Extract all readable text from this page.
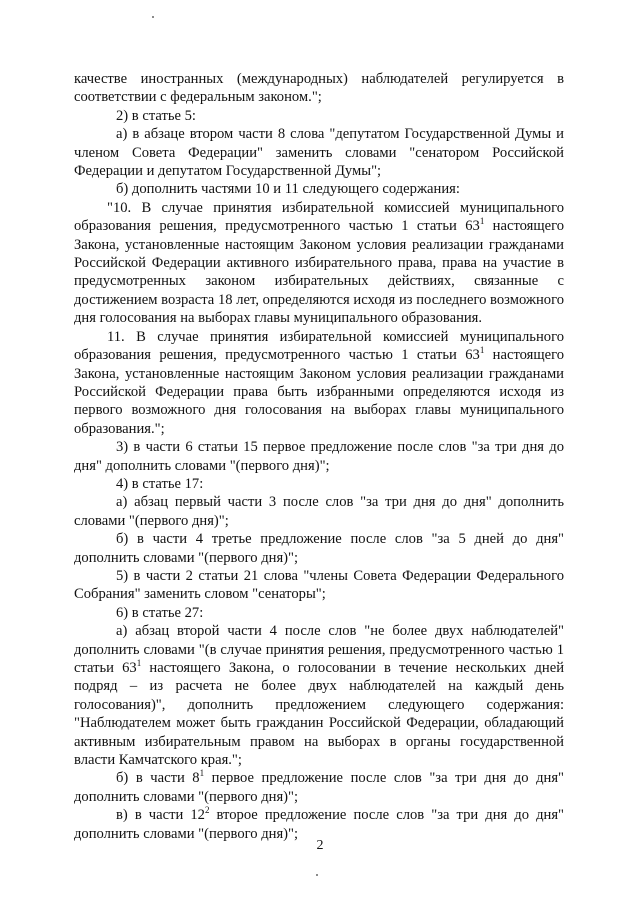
качестве иностранных (международных) наблюдателей регулируется в соответствии с федеральным законом.";

2) в статье 5:

а) в абзаце втором части 8 слова "депутатом Государственной Думы и членом Совета Федерации" заменить словами "сенатором Российской Федерации и депутатом Государственной Думы";

б) дополнить частями 10 и 11 следующего содержания:

"10. В случае принятия избирательной комиссией муниципального образования решения, предусмотренного частью 1 статьи $63^1$ настоящего Закона, установленные настоящим Законом условия реализации гражданами Российской Федерации активного избирательного права, права на участие в предусмотренных законом избирательных действиях, связанные с достижением возраста 18 лет, определяются исходя из последнего возможного дня голосования на выборах главы муниципального образования.

11. В случае принятия избирательной комиссией муниципального образования решения, предусмотренного частью 1 статьи $63^1$ настоящего Закона, установленные настоящим Законом условия реализации гражданами Российской Федерации права быть избранными определяются исходя из первого возможного дня голосования на выборах главы муниципального образования.";

3) в части 6 статьи 15 первое предложение после слов "за три дня до дня" дополнить словами "(первого дня)";

4) в статье 17:

а) абзац первый части 3 после слов "за три дня до дня" дополнить словами "(первого дня)";

б) в части 4 третье предложение после слов "за 5 дней до дня" дополнить словами "(первого дня)";

5) в части 2 статьи 21 слова "члены Совета Федерации Федерального Собрания" заменить словом "сенаторы";

6) в статье 27:

а) абзац второй части 4 после слов "не более двух наблюдателей" дополнить словами "(в случае принятия решения, предусмотренного частью 1 статьи $63^1$ настоящего Закона, о голосовании в течение нескольких дней подряд – из расчета не более двух наблюдателей на каждый день голосования)", дополнить предложением следующего содержания: "Наблюдателем может быть гражданин Российской Федерации, обладающий активным избирательным правом на выборах в органы государственной власти Камчатского края.";

б) в части $8^1$ первое предложение после слов "за три дня до дня" дополнить словами "(первого дня)";

в) в части $12^2$ второе предложение после слов "за три дня до дня" дополнить словами "(первого дня)";

2
